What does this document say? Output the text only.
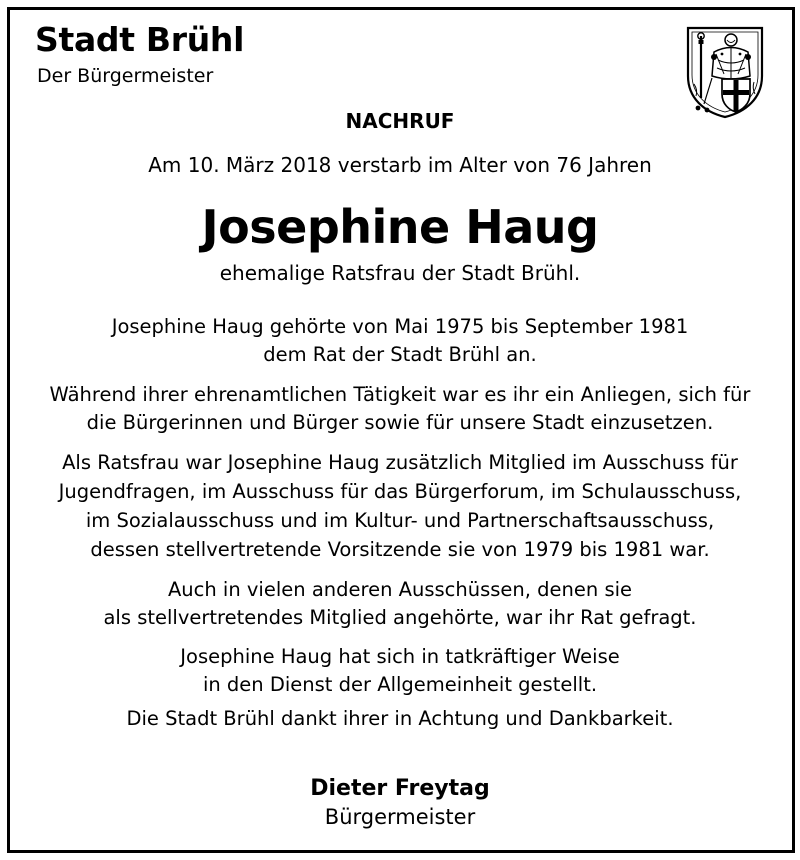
Stadt Brühl
Der Bürgermeister
NACHRUF
Am 10. März 2018 verstarb im Alter von 76 Jahren
Josephine Haug
ehemalige Ratsfrau der Stadt Brühl.
Josephine Haug gehörte von Mai 1975 bis September 1981
dem Rat der Stadt Brühl an.
Während ihrer ehrenamtlichen Tätigkeit war es ihr ein Anliegen, sich für
die Bürgerinnen und Bürger sowie für unsere Stadt einzusetzen.
Als Ratsfrau war Josephine Haug zusätzlich Mitglied im Ausschuss für
Jugendfragen, im Ausschuss für das Bürgerforum, im Schulausschuss,
im Sozialausschuss und im Kultur- und Partnerschaftsausschuss,
dessen stellvertretende Vorsitzende sie von 1979 bis 1981 war.
Auch in vielen anderen Ausschüssen, denen sie
als stellvertretendes Mitglied angehörte, war ihr Rat gefragt.
Josephine Haug hat sich in tatkräftiger Weise
in den Dienst der Allgemeinheit gestellt.
Die Stadt Brühl dankt ihrer in Achtung und Dankbarkeit.
Dieter Freytag
Bürgermeister
